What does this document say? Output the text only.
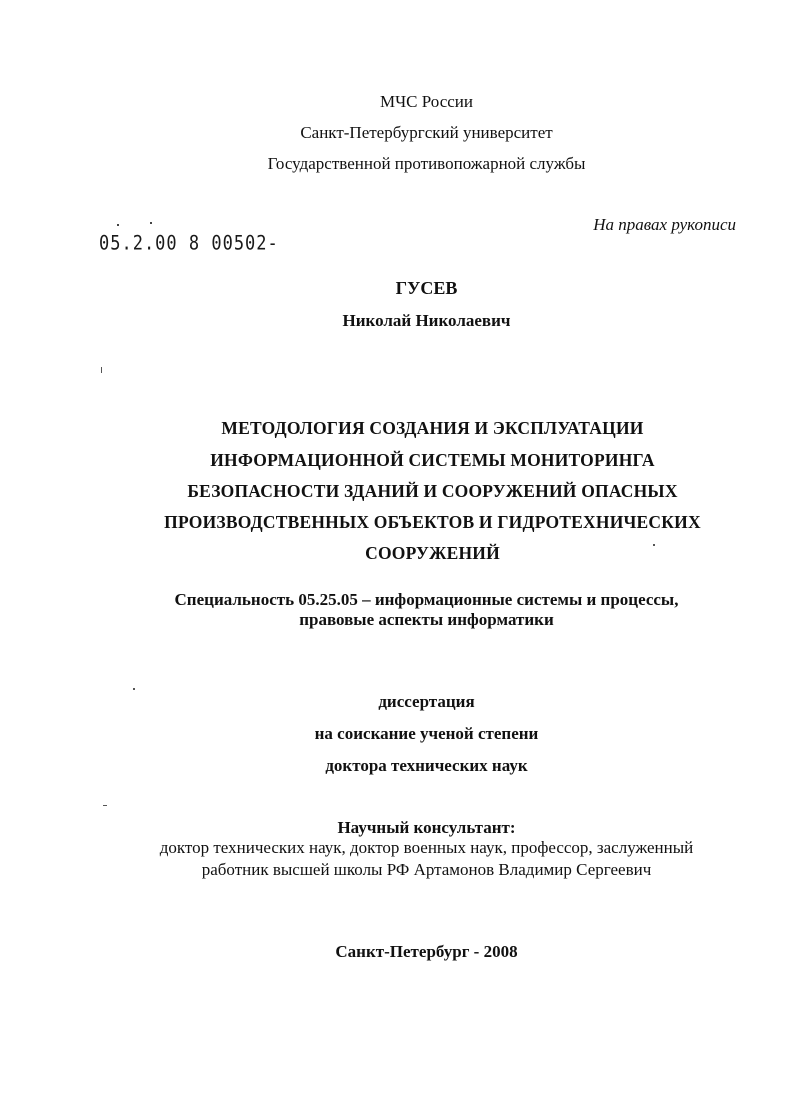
МЧС России

Санкт-Петербургский университет

Государственной противопожарной службы

05.2.00 8 00502-
На правах рукописи

ГУСЕВ

Николай Николаевич

МЕТОДОЛОГИЯ СОЗДАНИЯ И ЭКСПЛУАТАЦИИ

ИНФОРМАЦИОННОЙ СИСТЕМЫ МОНИТОРИНГА

БЕЗОПАСНОСТИ ЗДАНИЙ И СООРУЖЕНИЙ ОПАСНЫХ

ПРОИЗВОДСТВЕННЫХ ОБЪЕКТОВ И ГИДРОТЕХНИЧЕСКИХ

СООРУЖЕНИЙ

Специальность 05.25.05 – информационные системы и процессы,

правовые аспекты информатики

диссертация

на соискание ученой степени

доктора технических наук

Научный консультант:

доктор технических наук, доктор военных наук, профессор, заслуженный

работник высшей школы РФ Артамонов Владимир Сергеевич

Санкт-Петербург - 2008
